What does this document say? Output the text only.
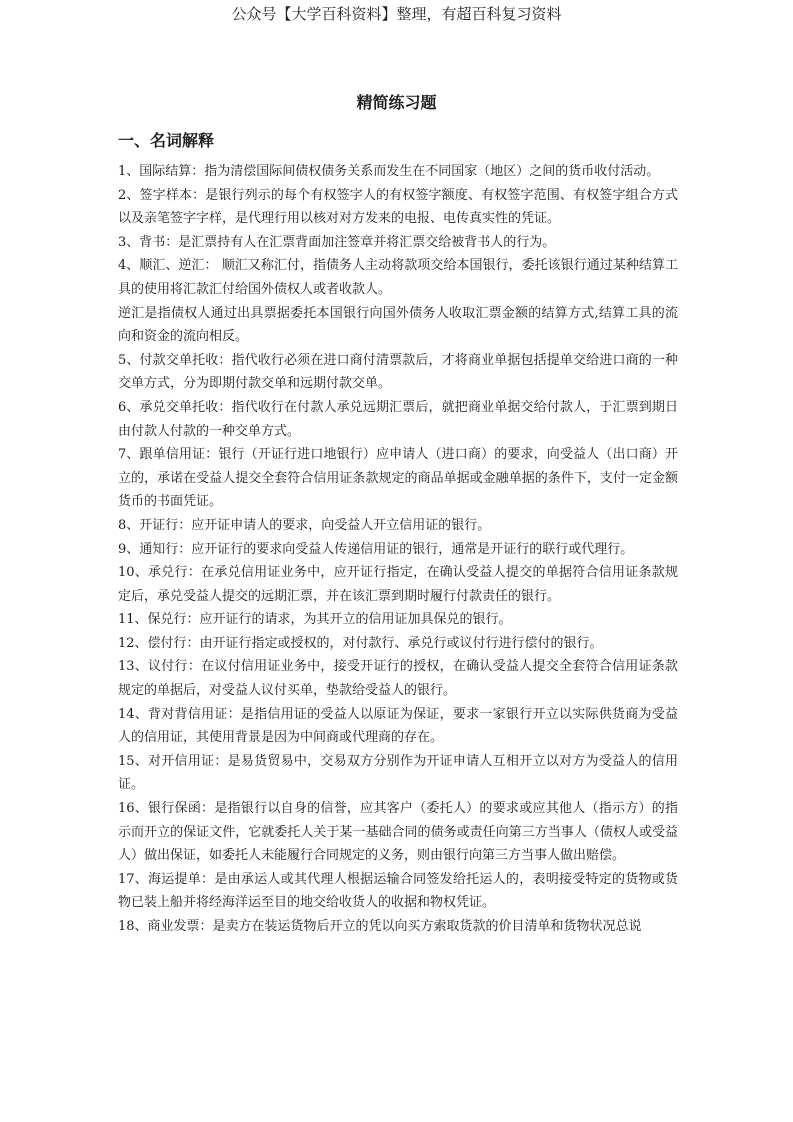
公众号【大学百科资料】整理，有超百科复习资料
精简练习题
一、名词解释

1、国际结算：指为清偿国际间债权债务关系而发生在不同国家（地区）之间的货币收付活动。

2、签字样本：是银行列示的每个有权签字人的有权签字额度、有权签字范围、有权签字组合方式以及亲笔签字字样，是代理行用以核对对方发来的电报、电传真实性的凭证。

3、背书：是汇票持有人在汇票背面加注签章并将汇票交给被背书人的行为。

4、顺汇、逆汇： 顺汇又称汇付，指债务人主动将款项交给本国银行，委托该银行通过某种结算工具的使用将汇款汇付给国外债权人或者收款人。

逆汇是指债权人通过出具票据委托本国银行向国外债务人收取汇票金额的结算方式,结算工具的流向和资金的流向相反。

5、付款交单托收：指代收行必须在进口商付清票款后，才将商业单据包括提单交给进口商的一种交单方式，分为即期付款交单和远期付款交单。

6、承兑交单托收：指代收行在付款人承兑远期汇票后，就把商业单据交给付款人，于汇票到期日由付款人付款的一种交单方式。

7、跟单信用证：银行（开证行进口地银行）应申请人（进口商）的要求，向受益人（出口商）开立的，承诺在受益人提交全套符合信用证条款规定的商品单据或金融单据的条件下，支付一定金额货币的书面凭证。

8、开证行：应开证申请人的要求，向受益人开立信用证的银行。

9、通知行：应开证行的要求向受益人传递信用证的银行，通常是开证行的联行或代理行。

10、承兑行：在承兑信用证业务中，应开证行指定，在确认受益人提交的单据符合信用证条款规定后，承兑受益人提交的远期汇票，并在该汇票到期时履行付款责任的银行。

11、保兑行：应开证行的请求，为其开立的信用证加具保兑的银行。

12、偿付行：由开证行指定或授权的，对付款行、承兑行或议付行进行偿付的银行。

13、议付行：在议付信用证业务中，接受开证行的授权，在确认受益人提交全套符合信用证条款规定的单据后，对受益人议付买单，垫款给受益人的银行。

14、背对背信用证：是指信用证的受益人以原证为保证，要求一家银行开立以实际供货商为受益人的信用证，其使用背景是因为中间商或代理商的存在。

15、对开信用证：是易货贸易中，交易双方分别作为开证申请人互相开立以对方为受益人的信用证。

16、银行保函：是指银行以自身的信誉，应其客户（委托人）的要求或应其他人（指示方）的指示而开立的保证文件，它就委托人关于某一基础合同的债务或责任向第三方当事人（债权人或受益人）做出保证，如委托人未能履行合同规定的义务，则由银行向第三方当事人做出赔偿。

17、海运提单：是由承运人或其代理人根据运输合同签发给托运人的，表明接受特定的货物或货物已装上船并将经海洋运至目的地交给收货人的收据和物权凭证。

18、商业发票：是卖方在装运货物后开立的凭以向买方索取货款的价目清单和货物状况总说
